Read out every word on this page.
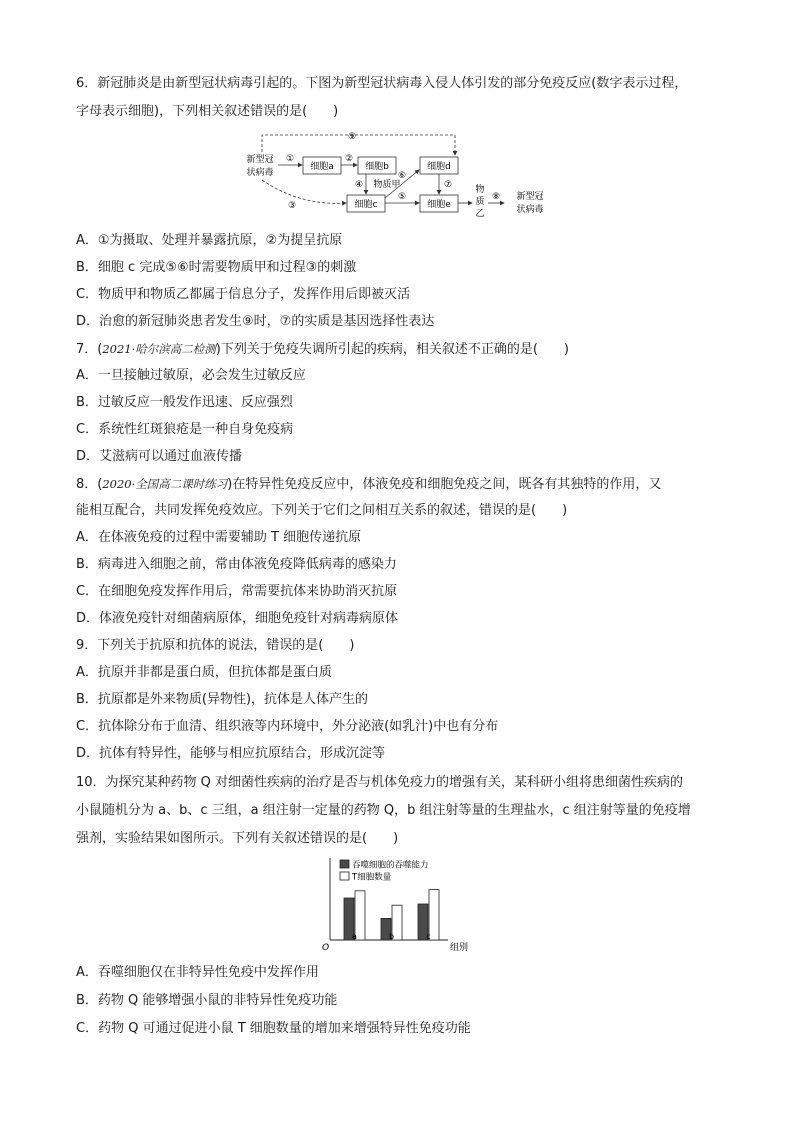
6．新冠肺炎是由新型冠状病毒引起的。下图为新型冠状病毒入侵人体引发的部分免疫反应(数字表示过程，
字母表示细胞)，下列相关叙述错误的是(　　)
⑨
新型冠
状病毒
细胞a	细胞b	细胞d
细胞c	细胞e
①	②
④ 物质甲
⑥
③
⑤
⑦	物
质
乙
⑧ 新型冠
状病毒
A．①为摄取、处理并暴露抗原，②为提呈抗原
B．细胞 c 完成⑤⑥时需要物质甲和过程③的刺激
C．物质甲和物质乙都属于信息分子，发挥作用后即被灭活
D．治愈的新冠肺炎患者发生⑨时，⑦的实质是基因选择性表达
7．(2021·哈尔滨高二检测)下列关于免疫失调所引起的疾病，相关叙述不正确的是(　　)
A．一旦接触过敏原，必会发生过敏反应
B．过敏反应一般发作迅速、反应强烈
C．系统性红斑狼疮是一种自身免疫病
D．艾滋病可以通过血液传播
8．(2020·全国高二课时练习)在特异性免疫反应中，体液免疫和细胞免疫之间，既各有其独特的作用，又
能相互配合，共同发挥免疫效应。下列关于它们之间相互关系的叙述，错误的是(　　)
A．在体液免疫的过程中需要辅助 T 细胞传递抗原
B．病毒进入细胞之前，常由体液免疫降低病毒的感染力
C．在细胞免疫发挥作用后，常需要抗体来协助消灭抗原
D．体液免疫针对细菌病原体，细胞免疫针对病毒病原体
9．下列关于抗原和抗体的说法，错误的是(　　)
A．抗原并非都是蛋白质，但抗体都是蛋白质
B．抗原都是外来物质(异物性)，抗体是人体产生的
C．抗体除分布于血清、组织液等内环境中，外分泌液(如乳汁)中也有分布
D．抗体有特异性，能够与相应抗原结合，形成沉淀等
10．为探究某种药物 Q 对细菌性疾病的治疗是否与机体免疫力的增强有关，某科研小组将患细菌性疾病的
小鼠随机分为 a、b、c 三组，a 组注射一定量的药物 Q，b 组注射等量的生理盐水，c 组注射等量的免疫增
强剂，实验结果如图所示。下列有关叙述错误的是(　　)
O	组别
a	b	c
吞噬细胞的吞噬能力
T细胞数量
A．吞噬细胞仅在非特异性免疫中发挥作用
B．药物 Q 能够增强小鼠的非特异性免疫功能
C．药物 Q 可通过促进小鼠 T 细胞数量的增加来增强特异性免疫功能
